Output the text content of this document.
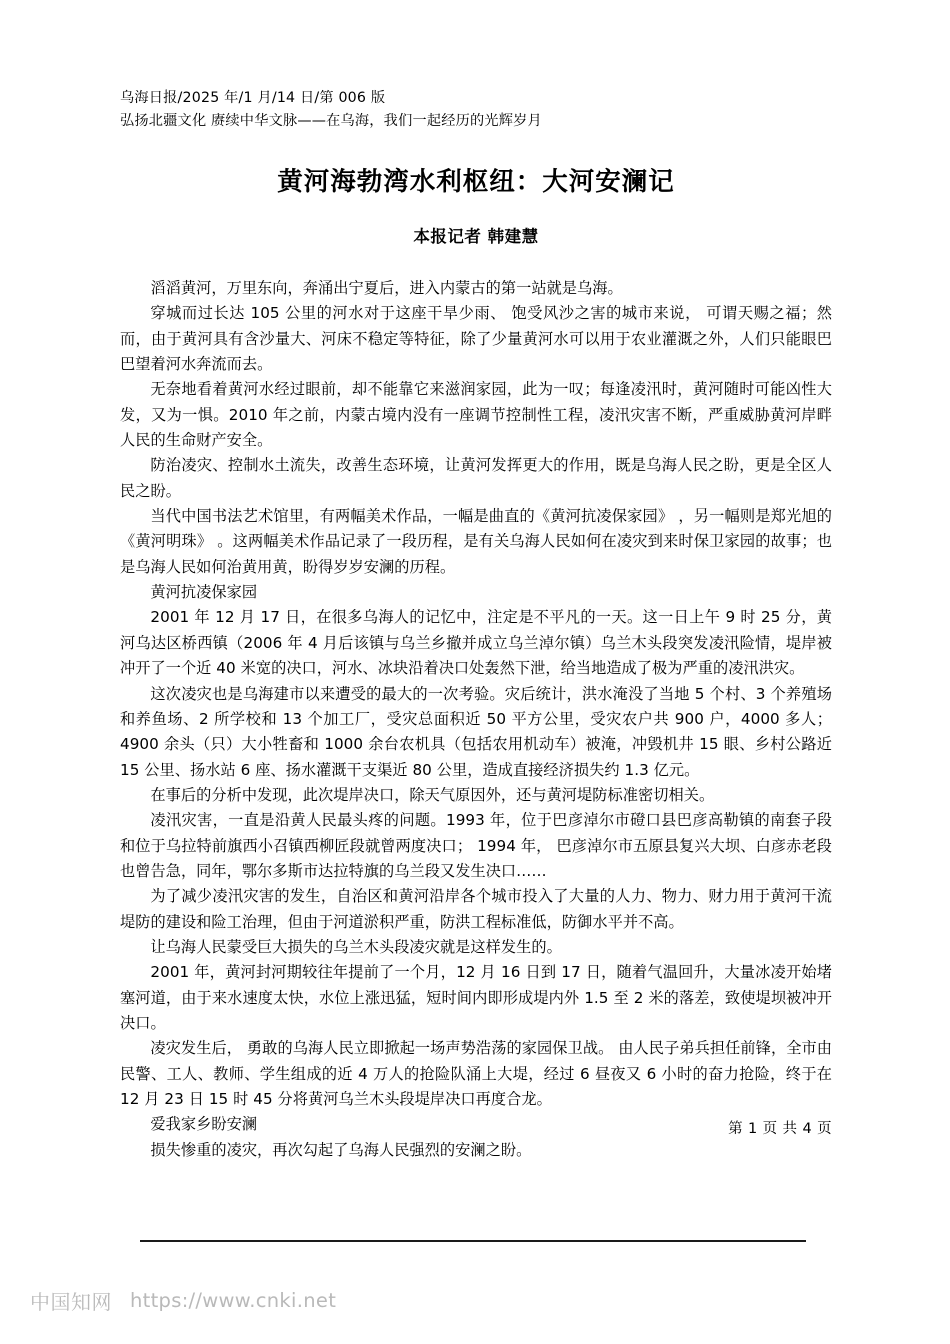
乌海日报/2025 年/1 月/14 日/第 006 版
弘扬北疆文化 赓续中华文脉——在乌海，我们一起经历的光辉岁月
黄河海勃湾水利枢纽：大河安澜记
本报记者 韩建慧

滔滔黄河，万里东向，奔涌出宁夏后，进入内蒙古的第一站就是乌海。

穿城而过长达 105 公里的河水对于这座干旱少雨、 饱受风沙之害的城市来说， 可谓天赐之福；然而，由于黄河具有含沙量大、河床不稳定等特征，除了少量黄河水可以用于农业灌溉之外，人们只能眼巴巴望着河水奔流而去。

无奈地看着黄河水经过眼前，却不能靠它来滋润家园，此为一叹；每逢凌汛时，黄河随时可能凶性大发，又为一惧。2010 年之前，内蒙古境内没有一座调节控制性工程，凌汛灾害不断，严重威胁黄河岸畔人民的生命财产安全。

防治凌灾、控制水土流失，改善生态环境，让黄河发挥更大的作用，既是乌海人民之盼，更是全区人民之盼。

当代中国书法艺术馆里，有两幅美术作品，一幅是曲直的《黄河抗凌保家园》 ，另一幅则是郑光旭的《黄河明珠》 。这两幅美术作品记录了一段历程，是有关乌海人民如何在凌灾到来时保卫家园的故事；也是乌海人民如何治黄用黄，盼得岁岁安澜的历程。

黄河抗凌保家园

2001 年 12 月 17 日，在很多乌海人的记忆中，注定是不平凡的一天。这一日上午 9 时 25 分，黄河乌达区桥西镇（2006 年 4 月后该镇与乌兰乡撤并成立乌兰淖尔镇）乌兰木头段突发凌汛险情，堤岸被冲开了一个近 40 米宽的决口，河水、冰块沿着决口处轰然下泄，给当地造成了极为严重的凌汛洪灾。

这次凌灾也是乌海建市以来遭受的最大的一次考验。灾后统计，洪水淹没了当地 5 个村、3 个养殖场和养鱼场、2 所学校和 13 个加工厂，受灾总面积近 50 平方公里，受灾农户共 900 户，4000 多人；4900 余头（只）大小牲畜和 1000 余台农机具（包括农用机动车）被淹，冲毁机井 15 眼、乡村公路近 15 公里、扬水站 6 座、扬水灌溉干支渠近 80 公里，造成直接经济损失约 1.3 亿元。

在事后的分析中发现，此次堤岸决口，除天气原因外，还与黄河堤防标准密切相关。

凌汛灾害，一直是沿黄人民最头疼的问题。1993 年，位于巴彦淖尔市磴口县巴彦高勒镇的南套子段和位于乌拉特前旗西小召镇西柳匠段就曾两度决口； 1994 年， 巴彦淖尔市五原县复兴大坝、白彦赤老段也曾告急，同年，鄂尔多斯市达拉特旗的乌兰段又发生决口……

为了减少凌汛灾害的发生，自治区和黄河沿岸各个城市投入了大量的人力、物力、财力用于黄河干流堤防的建设和险工治理，但由于河道淤积严重，防洪工程标准低，防御水平并不高。

让乌海人民蒙受巨大损失的乌兰木头段凌灾就是这样发生的。

2001 年，黄河封河期较往年提前了一个月，12 月 16 日到 17 日，随着气温回升，大量冰凌开始堵塞河道，由于来水速度太快，水位上涨迅猛，短时间内即形成堤内外 1.5 至 2 米的落差，致使堤坝被冲开决口。

凌灾发生后， 勇敢的乌海人民立即掀起一场声势浩荡的家园保卫战。 由人民子弟兵担任前锋，全市由民警、工人、教师、学生组成的近 4 万人的抢险队涌上大堤，经过 6 昼夜又 6 小时的奋力抢险，终于在 12 月 23 日 15 时 45 分将黄河乌兰木头段堤岸决口再度合龙。

爱我家乡盼安澜

损失惨重的凌灾，再次勾起了乌海人民强烈的安澜之盼。

第 1 页 共 4 页
中国知网 https://www.cnki.net
